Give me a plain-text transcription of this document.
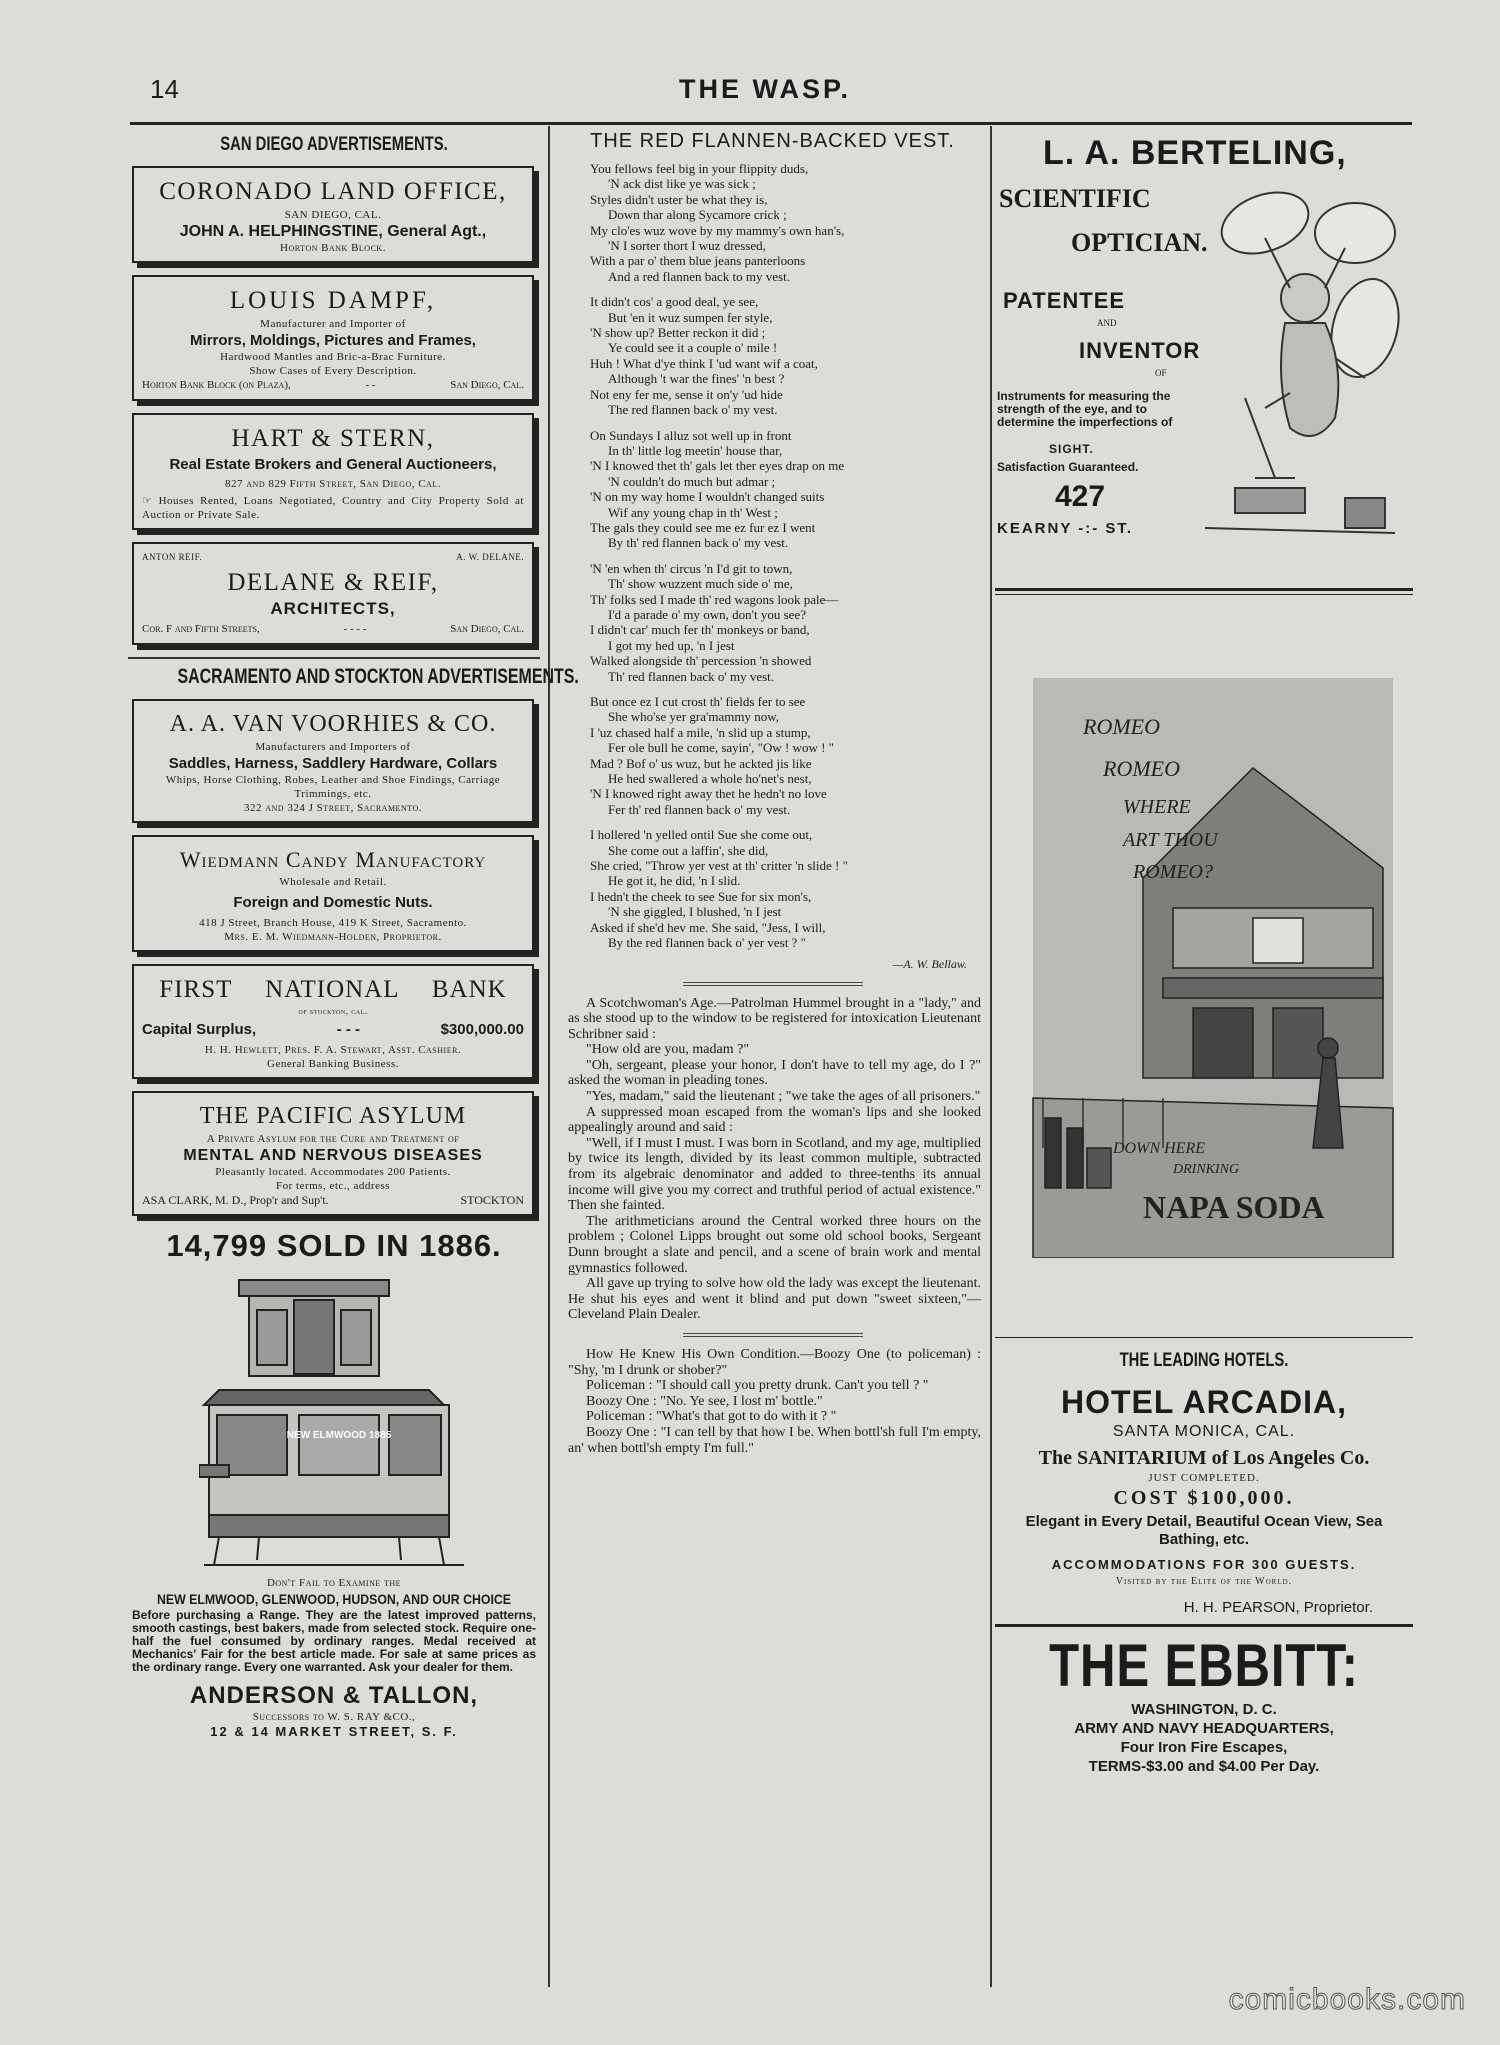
14	THE WASP.
SAN DIEGO ADVERTISEMENTS.
CORONADO LAND OFFICE,
SAN DIEGO, CAL.
JOHN A. HELPHINGSTINE, General Agt.,
Horton Bank Block.
LOUIS DAMPF,
Manufacturer and Importer of
Mirrors, Moldings, Pictures and Frames,
Hardwood Mantles and Bric-a-Brac Furniture.
Show Cases of Every Description.
Horton Bank Block (on Plaza),	- -	San Diego, Cal.
HART & STERN,
Real Estate Brokers and General Auctioneers,
827 and 829 Fifth Street, San Diego, Cal.
☞ Houses Rented, Loans Negotiated, Country and City Property Sold at Auction or Private Sale.
ANTON REIF.	A. W. DELANE.
DELANE & REIF,
ARCHITECTS,
Cor. F and Fifth Streets,	- - - -	San Diego, Cal.
SACRAMENTO AND STOCKTON ADVERTISEMENTS.
A. A. VAN VOORHIES & CO.
Manufacturers and Importers of
Saddles, Harness, Saddlery Hardware, Collars
Whips, Horse Clothing, Robes, Leather and Shoe Findings, Carriage Trimmings, etc.
322 and 324 J Street, Sacramento.
Wiedmann Candy Manufactory
Wholesale and Retail.
Foreign and Domestic Nuts.
418 J Street, Branch House, 419 K Street, Sacramento.
Mrs. E. M. Wiedmann-Holden, Proprietor.
FIRST NATIONAL BANK
of stockton, cal.
Capital Surplus,	- - -	$300,000.00
H. H. Hewlett, Pres. F. A. Stewart, Asst. Cashier.
General Banking Business.
THE PACIFIC ASYLUM
A Private Asylum for the Cure and Treatment of
MENTAL AND NERVOUS DISEASES
Pleasantly located. Accommodates 200 Patients.
For terms, etc., address
ASA CLARK, M. D., Prop'r and Sup't.	STOCKTON
14,799 SOLD IN 1886.
NEW ELMWOOD 1885
Don't Fail to Examine the
NEW ELMWOOD, GLENWOOD, HUDSON, AND OUR CHOICE
Before purchasing a Range. They are the latest improved patterns, smooth castings, best bakers, made from selected stock. Require one-half the fuel consumed by ordinary ranges. Medal received at Mechanics' Fair for the best article made. For sale at same prices as the ordinary range. Every one warranted. Ask your dealer for them.
ANDERSON & TALLON,
Successors to W. S. RAY &CO.,
12 & 14 MARKET STREET, S. F.
THE RED FLANNEN-BACKED VEST.
You fellows feel big in your flippity duds,
'N ack dist like ye was sick ;
Styles didn't uster be what they is,
Down thar along Sycamore crick ;
My clo'es wuz wove by my mammy's own han's,
'N I sorter thort I wuz dressed,
With a par o' them blue jeans panterloons
And a red flannen back to my vest.
It didn't cos' a good deal, ye see,
But 'en it wuz sumpen fer style,
'N show up? Better reckon it did ;
Ye could see it a couple o' mile !
Huh ! What d'ye think I 'ud want wif a coat,
Although 't war the fines' 'n best ?
Not eny fer me, sense it on'y 'ud hide
The red flannen back o' my vest.
On Sundays I alluz sot well up in front
In th' little log meetin' house thar,
'N I knowed thet th' gals let ther eyes drap on me
'N couldn't do much but admar ;
'N on my way home I wouldn't changed suits
Wif any young chap in th' West ;
The gals they could see me ez fur ez I went
By th' red flannen back o' my vest.
'N 'en when th' circus 'n I'd git to town,
Th' show wuzzent much side o' me,
Th' folks sed I made th' red wagons look pale—
I'd a parade o' my own, don't you see?
I didn't car' much fer th' monkeys or band,
I got my hed up, 'n I jest
Walked alongside th' percession 'n showed
Th' red flannen back o' my vest.
But once ez I cut crost th' fields fer to see
She who'se yer gra'mammy now,
I 'uz chased half a mile, 'n slid up a stump,
Fer ole bull he come, sayin', "Ow ! wow ! "
Mad ? Bof o' us wuz, but he ackted jis like
He hed swallered a whole ho'net's nest,
'N I knowed right away thet he hedn't no love
Fer th' red flannen back o' my vest.
I hollered 'n yelled ontil Sue she come out,
She come out a laffin', she did,
She cried, "Throw yer vest at th' critter 'n slide ! "
He got it, he did, 'n I slid.
I hedn't the cheek to see Sue for six mon's,
'N she giggled, I blushed, 'n I jest
Asked if she'd hev me. She said, "Jess, I will,
By the red flannen back o' yer vest ? "
—A. W. Bellaw.

A Scotchwoman's Age.—Patrolman Hummel brought in a "lady," and as she stood up to the window to be registered for intoxication Lieutenant Schribner said :

"How old are you, madam ?"

"Oh, sergeant, please your honor, I don't have to tell my age, do I ?" asked the woman in pleading tones.

"Yes, madam," said the lieutenant ; "we take the ages of all prisoners."

A suppressed moan escaped from the woman's lips and she looked appealingly around and said :

"Well, if I must I must. I was born in Scotland, and my age, multiplied by twice its length, divided by its least common multiple, subtracted from its algebraic denominator and added to three-tenths its annual income will give you my correct and truthful period of actual existence." Then she fainted.

The arithmeticians around the Central worked three hours on the problem ; Colonel Lipps brought out some old school books, Sergeant Dunn brought a slate and pencil, and a scene of brain work and mental gymnastics followed.

All gave up trying to solve how old the lady was except the lieutenant. He shut his eyes and went it blind and put down "sweet sixteen,"—Cleveland Plain Dealer.

How He Knew His Own Condition.—Boozy One (to policeman) : "Shy, 'm I drunk or shober?"

Policeman : "I should call you pretty drunk. Can't you tell ? "

Boozy One : "No. Ye see, I lost m' bottle."

Policeman : "What's that got to do with it ? "

Boozy One : "I can tell by that how I be. When bottl'sh full I'm empty, an' when bottl'sh empty I'm full."

L. A. BERTELING,
SCIENTIFIC
OPTICIAN.
PATENTEE
AND
INVENTOR
OF
Instruments for measuring the strength of the eye, and to determine the imperfections of
SIGHT.
Satisfaction Guaranteed.
427
KEARNY -:- ST.
ROMEO
ROMEO
WHERE
ART THOU
ROMEO?
DOWN HERE
DRINKING
NAPA SODA
THE LEADING HOTELS.
HOTEL ARCADIA,
SANTA MONICA, CAL.
The SANITARIUM of Los Angeles Co.
JUST COMPLETED.
COST $100,000.
Elegant in Every Detail, Beautiful Ocean View, Sea Bathing, etc.
ACCOMMODATIONS FOR 300 GUESTS.
Visited by the Elite of the World.
H. H. PEARSON, Proprietor.
THE EBBITT:
WASHINGTON, D. C.
ARMY AND NAVY HEADQUARTERS,
Four Iron Fire Escapes,
TERMS-$3.00 and $4.00 Per Day.
comicbooks.com
